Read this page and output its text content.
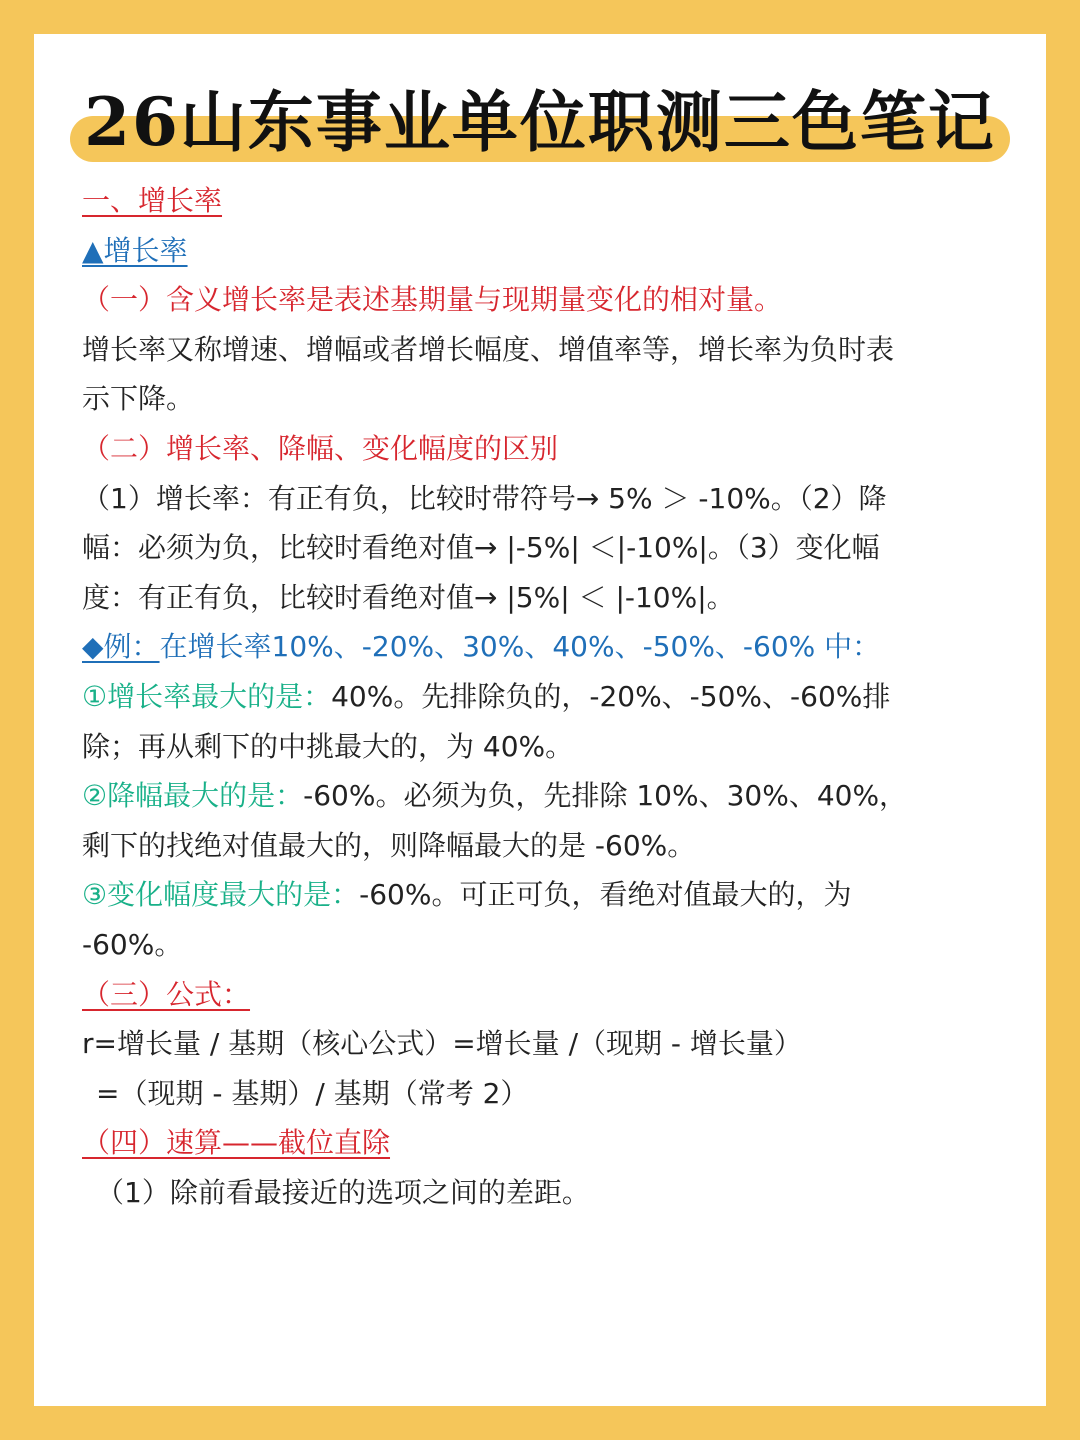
26山东事业单位职测三色笔记
一、增长率
▲增长率
（一）含义增长率是表述基期量与现期量变化的相对量。
增长率又称增速、增幅或者增长幅度、增值率等，增长率为负时表
示下降。
（二）增长率、降幅、变化幅度的区别
（1）增长率：有正有负，比较时带符号→ 5% ＞ -10%。（2）降
幅：必须为负，比较时看绝对值→ |-5%| ＜|-10%|。（3）变化幅
度：有正有负，比较时看绝对值→ |5%| ＜ |-10%|。
◆例：在增长率10%、-20%、30%、40%、-50%、-60% 中：
①增长率最大的是：40%。先排除负的，-20%、-50%、-60%排
除；再从剩下的中挑最大的，为 40%。
②降幅最大的是：-60%。必须为负，先排除 10%、30%、40%，
剩下的找绝对值最大的，则降幅最大的是 -60%。
③变化幅度最大的是：-60%。可正可负，看绝对值最大的，为
-60%。
（三）公式：
r=增长量 / 基期（核心公式）=增长量 /（现期 - 增长量）
=（现期 - 基期）/ 基期（常考 2）
（四）速算——截位直除
（1）除前看最接近的选项之间的差距。
